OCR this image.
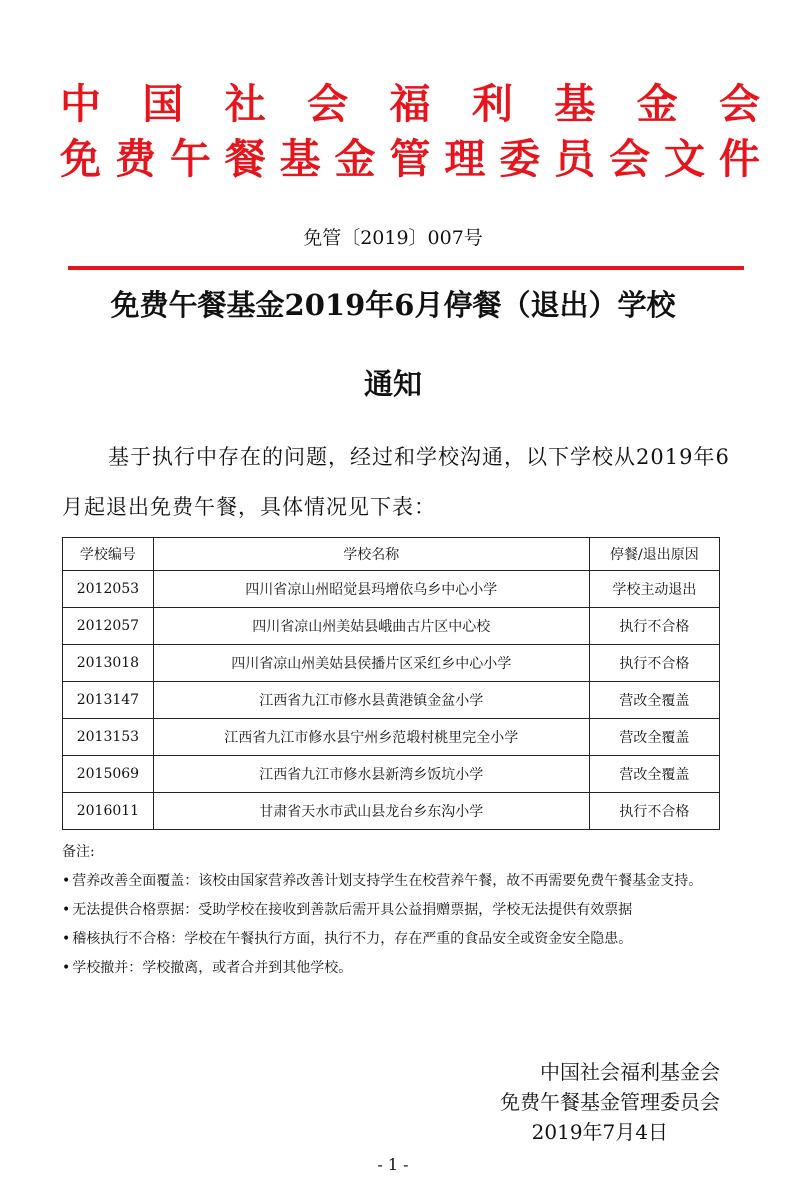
中 国 社 会 福 利 基 金 会
免 费 午 餐 基 金 管 理 委 员 会 文 件
免管〔2019〕007号
免费午餐基金2019年6月停餐（退出）学校
通知
基于执行中存在的问题，经过和学校沟通，以下学校从2019年6月起退出免费午餐，具体情况见下表：
学校编号	学校名称	停餐/退出原因
2012053	四川省凉山州昭觉县玛增依乌乡中心小学	学校主动退出
2012057	四川省凉山州美姑县峨曲古片区中心校	执行不合格
2013018	四川省凉山州美姑县侯播片区采红乡中心小学	执行不合格
2013147	江西省九江市修水县黄港镇金盆小学	营改全覆盖
2013153	江西省九江市修水县宁州乡范塅村桃里完全小学	营改全覆盖
2015069	江西省九江市修水县新湾乡饭坑小学	营改全覆盖
2016011	甘肃省天水市武山县龙台乡东沟小学	执行不合格
备注:
• 营养改善全面覆盖：该校由国家营养改善计划支持学生在校营养午餐，故不再需要免费午餐基金支持。
• 无法提供合格票据：受助学校在接收到善款后需开具公益捐赠票据，学校无法提供有效票据
• 稽核执行不合格：学校在午餐执行方面，执行不力，存在严重的食品安全或资金安全隐患。
• 学校撤并：学校撤离，或者合并到其他学校。
中国社会福利基金会
免费午餐基金管理委员会
2019年7月4日
- 1 -
